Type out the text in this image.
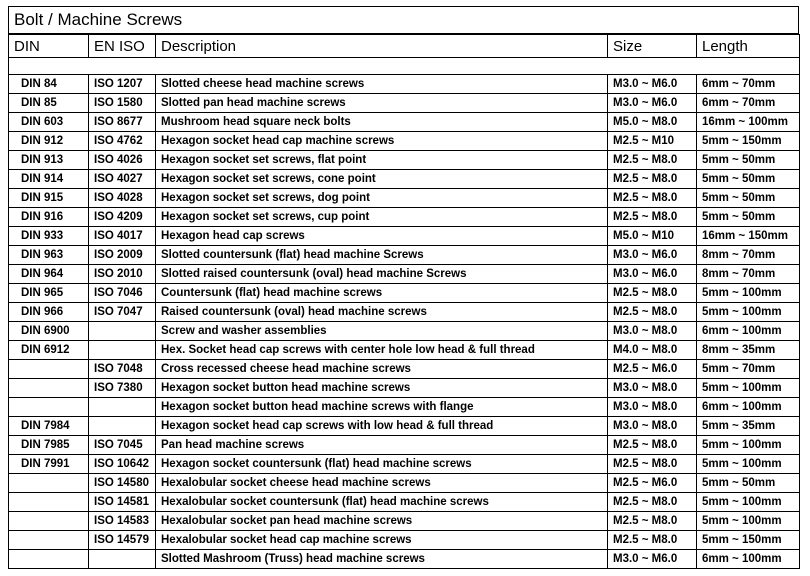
Bolt / Machine Screws
DIN	EN ISO	Description	Size	Length

DIN 84	ISO 1207	Slotted cheese head machine screws	M3.0 ~ M6.0	6mm ~ 70mm
DIN 85	ISO 1580	Slotted pan head machine screws	M3.0 ~ M6.0	6mm ~ 70mm
DIN 603	ISO 8677	Mushroom head square neck bolts	M5.0 ~ M8.0	16mm ~ 100mm
DIN 912	ISO 4762	Hexagon socket head cap machine screws	M2.5 ~ M10	5mm ~ 150mm
DIN 913	ISO 4026	Hexagon socket set screws, flat point	M2.5 ~ M8.0	5mm ~ 50mm
DIN 914	ISO 4027	Hexagon socket set screws, cone point	M2.5 ~ M8.0	5mm ~ 50mm
DIN 915	ISO 4028	Hexagon socket set screws, dog point	M2.5 ~ M8.0	5mm ~ 50mm
DIN 916	ISO 4209	Hexagon socket set screws, cup point	M2.5 ~ M8.0	5mm ~ 50mm
DIN 933	ISO 4017	Hexagon head cap screws	M5.0 ~ M10	16mm ~ 150mm
DIN 963	ISO 2009	Slotted countersunk (flat) head machine Screws	M3.0 ~ M6.0	8mm ~ 70mm
DIN 964	ISO 2010	Slotted raised countersunk (oval) head machine Screws	M3.0 ~ M6.0	8mm ~ 70mm
DIN 965	ISO 7046	Countersunk (flat) head machine screws	M2.5 ~ M8.0	5mm ~ 100mm
DIN 966	ISO 7047	Raised countersunk (oval) head machine screws	M2.5 ~ M8.0	5mm ~ 100mm
DIN 6900		Screw and washer assemblies	M3.0 ~ M8.0	6mm ~ 100mm
DIN 6912		Hex. Socket head cap screws with center hole low head & full thread	M4.0 ~ M8.0	8mm ~ 35mm
	ISO 7048	Cross recessed cheese head machine screws	M2.5 ~ M6.0	5mm ~ 70mm
	ISO 7380	Hexagon socket button head machine screws	M3.0 ~ M8.0	5mm ~ 100mm
		Hexagon socket button head machine screws with flange	M3.0 ~ M8.0	6mm ~ 100mm
DIN 7984		Hexagon socket head cap screws with low head & full thread	M3.0 ~ M8.0	5mm ~ 35mm
DIN 7985	ISO 7045	Pan head machine screws	M2.5 ~ M8.0	5mm ~ 100mm
DIN 7991	ISO 10642	Hexagon socket countersunk (flat) head machine screws	M2.5 ~ M8.0	5mm ~ 100mm
	ISO 14580	Hexalobular socket cheese head machine screws	M2.5 ~ M6.0	5mm ~ 50mm
	ISO 14581	Hexalobular socket countersunk (flat) head machine screws	M2.5 ~ M8.0	5mm ~ 100mm
	ISO 14583	Hexalobular socket pan head machine screws	M2.5 ~ M8.0	5mm ~ 100mm
	ISO 14579	Hexalobular socket head cap machine screws	M2.5 ~ M8.0	5mm ~ 150mm
		Slotted Mashroom (Truss) head machine screws	M3.0 ~ M6.0	6mm ~ 100mm
